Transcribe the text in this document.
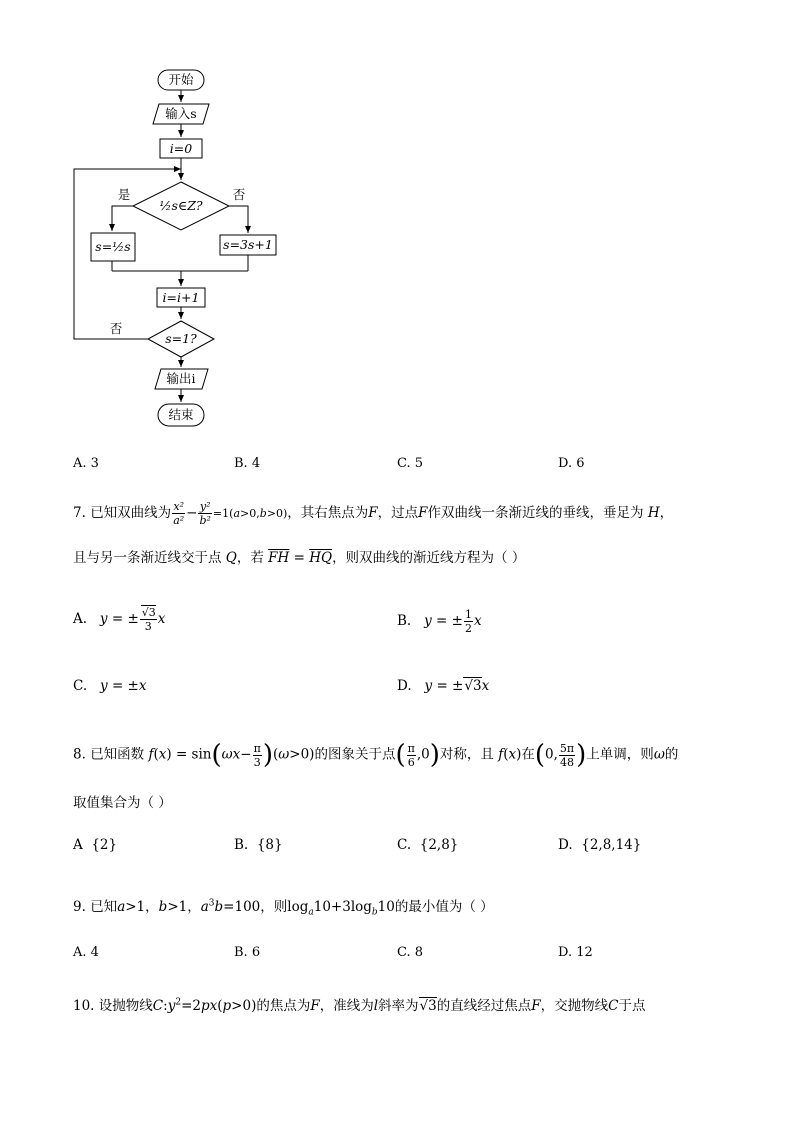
开始
输入s
i=0
½s∈Z?
是	否
s=½s	s=3s+1
i=i+1
s=1?
否
输出i
结束
A. 3	B. 4	C. 5	D. 6
7. 已知双曲线为 $\frac{\text{x²}}{\text{a²}} - \frac{\text{y²}}{\text{b²}} =1(a>0,b>0)$，其右焦点为F，过点F作双曲线一条渐近线的垂线，垂足为 H，
且与另一条渐近线交于点 Q，若 $\overline{FH} = \overline{HQ}$，则双曲线的渐近线方程为（ ）
A. y = ± $\frac{√3}{3}$ x	B. y = ± $\frac{1}{2}$ x
C. y = ±x	D. y = ±√3x
8. 已知函数 $f(x) = \sin(\omega x- \frac{\pi}{3} )(\omega>0)$的图象关于点( $\frac{\pi}{6} ,0$)对称，且 f(x)在(0, $\frac{5\pi}{48}$ )上单调，则ω的
取值集合为（ ）
A {2}	B. {8}	C. {2,8}	D. {2,8,14}
9. 已知a>1，b>1，$a^3b=100$，则$\log_a10+3\log_b10$的最小值为（ ）
A. 4	B. 6	C. 8	D. 12
10. 设抛物线$C:y^2=2px(p>0)$的焦点为F，准线为l斜率为√3的直线经过焦点F，交抛物线C于点
